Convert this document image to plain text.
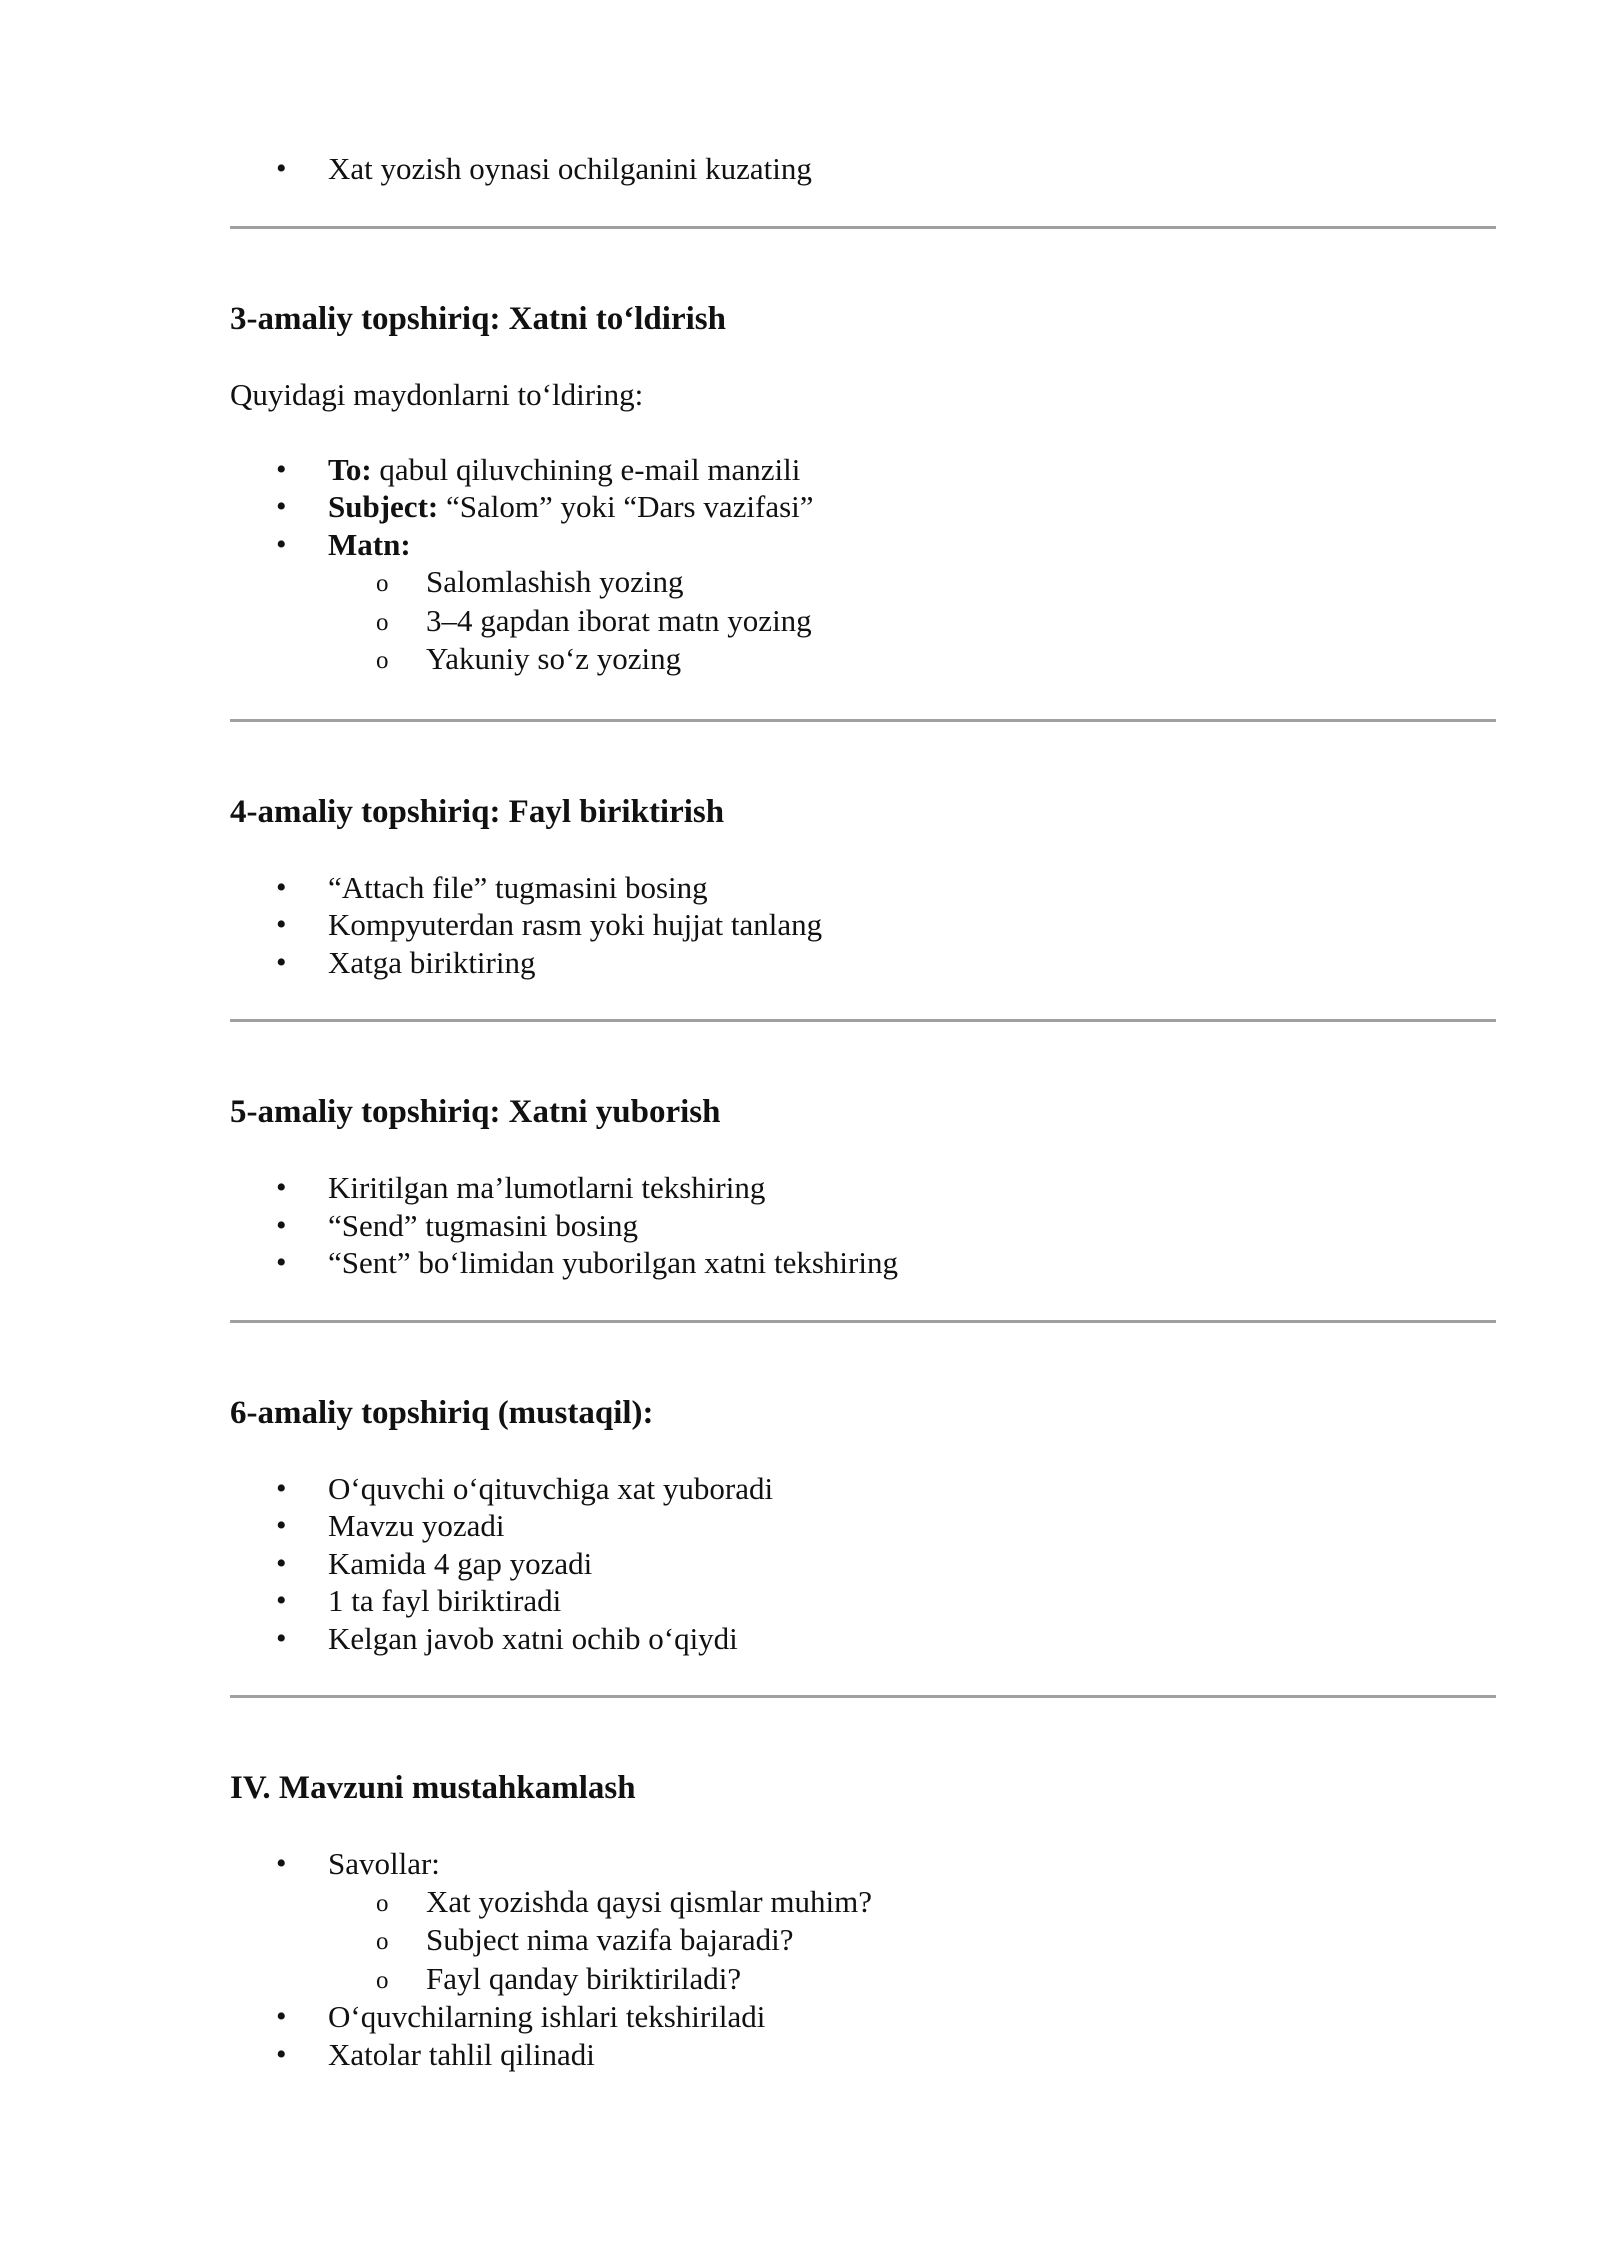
• Xat yozish oynasi ochilganini kuzating
3-amaliy topshiriq: Xatni to‘ldirish

Quyidagi maydonlarni to‘ldiring:

• To: qabul qiluvchining e-mail manzili
• Subject: “Salom” yoki “Dars vazifasi”
• Matn:
o Salomlashish yozing
o 3–4 gapdan iborat matn yozing
o Yakuniy so‘z yozing
4-amaliy topshiriq: Fayl biriktirish
• “Attach file” tugmasini bosing
• Kompyuterdan rasm yoki hujjat tanlang
• Xatga biriktiring
5-amaliy topshiriq: Xatni yuborish
• Kiritilgan ma’lumotlarni tekshiring
• “Send” tugmasini bosing
• “Sent” bo‘limidan yuborilgan xatni tekshiring
6-amaliy topshiriq (mustaqil):
• O‘quvchi o‘qituvchiga xat yuboradi
• Mavzu yozadi
• Kamida 4 gap yozadi
• 1 ta fayl biriktiradi
• Kelgan javob xatni ochib o‘qiydi
IV. Mavzuni mustahkamlash
• Savollar:
o Xat yozishda qaysi qismlar muhim?
o Subject nima vazifa bajaradi?
o Fayl qanday biriktiriladi?
• O‘quvchilarning ishlari tekshiriladi
• Xatolar tahlil qilinadi
